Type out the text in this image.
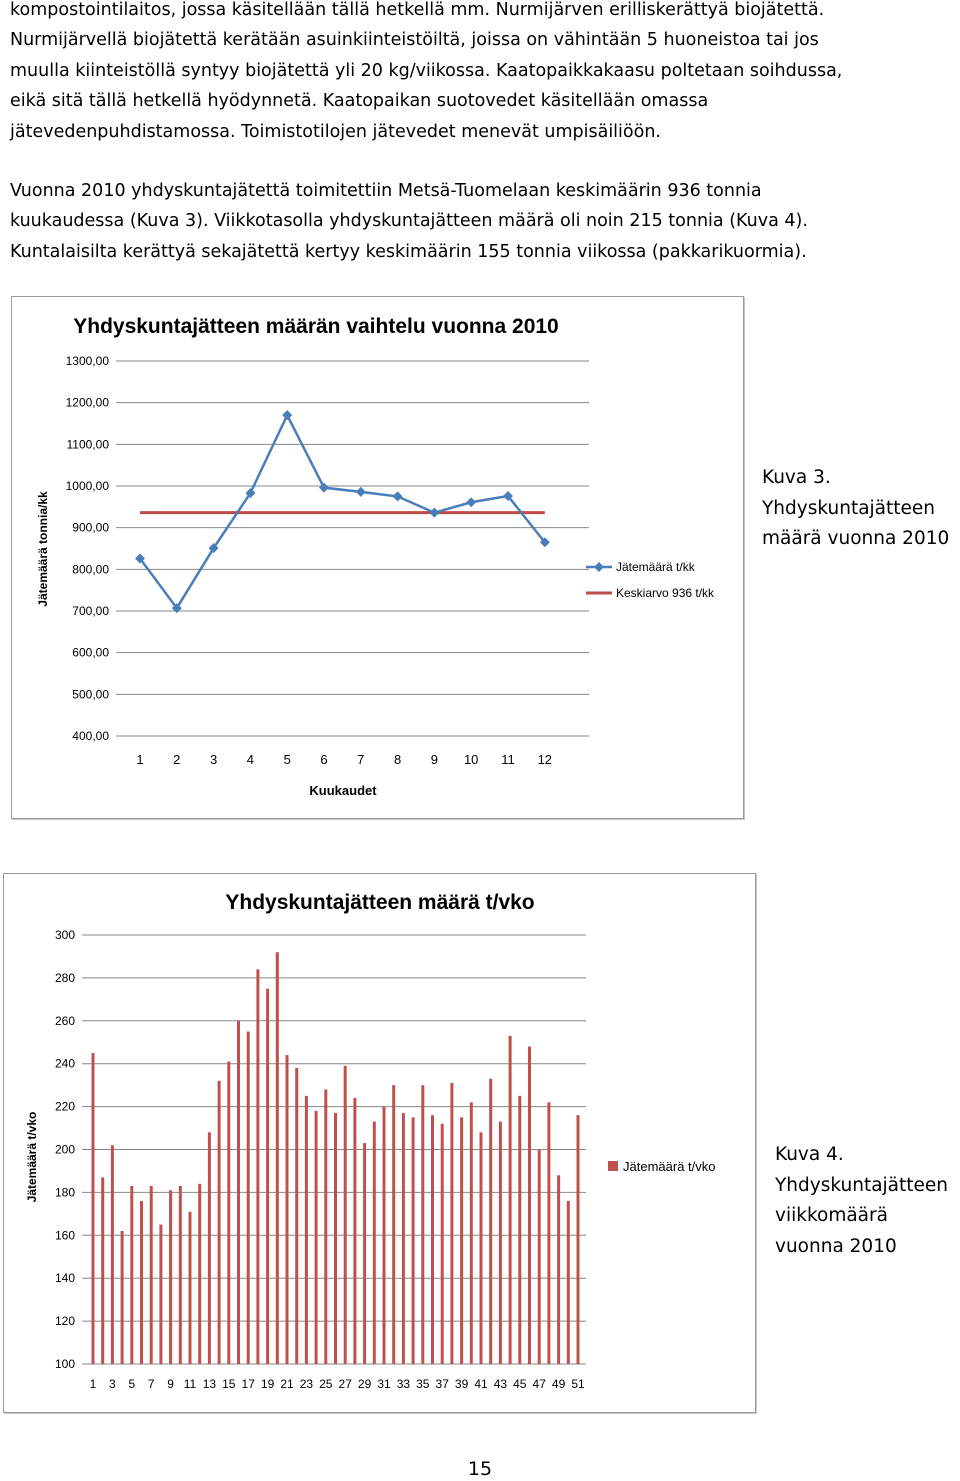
kompostointilaitos, jossa käsitellään tällä hetkellä mm. Nurmijärven erilliskerättyä biojätettä.
Nurmijärvellä biojätettä kerätään asuinkiinteistöiltä, joissa on vähintään 5 huoneistoa tai jos
muulla kiinteistöllä syntyy biojätettä yli 20 kg/viikossa. Kaatopaikkakaasu poltetaan soihdussa,
eikä sitä tällä hetkellä hyödynnetä. Kaatopaikan suotovedet käsitellään omassa
jätevedenpuhdistamossa. Toimistotilojen jätevedet menevät umpisäiliöön.
Vuonna 2010 yhdyskuntajätettä toimitettiin Metsä-Tuomelaan keskimäärin 936 tonnia
kuukaudessa (Kuva 3). Viikkotasolla yhdyskuntajätteen määrä oli noin 215 tonnia (Kuva 4).
Kuntalaisilta kerättyä sekajätettä kertyy keskimäärin 155 tonnia viikossa (pakkarikuormia).
Yhdyskuntajätteen määrän vaihtelu vuonna 2010
400,00
500,00
600,00
700,00
800,00
900,00
1000,00
1100,00
1200,00
1300,00
1 2 3 4 5 6 7 8 9 10 11 12
Kuukaudet
Jätemäärä tonnia/kk	Jätemäärä t/kk
Keskiarvo 936 t/kk
Kuva 3.
Yhdyskuntajätteen
määrä vuonna 2010
Yhdyskuntajätteen määrä t/vko
100
120
140
160
180
200
220
240
260
280
300
1 3 5 7 9 11 13 15 17 19 21 23 25 27 29 31 33 35 37 39 41 43 45 47 49 51
Jätemäärä t/vko	Jätemäärä t/vko
Kuva 4.
Yhdyskuntajätteen
viikkomäärä
vuonna 2010
15
